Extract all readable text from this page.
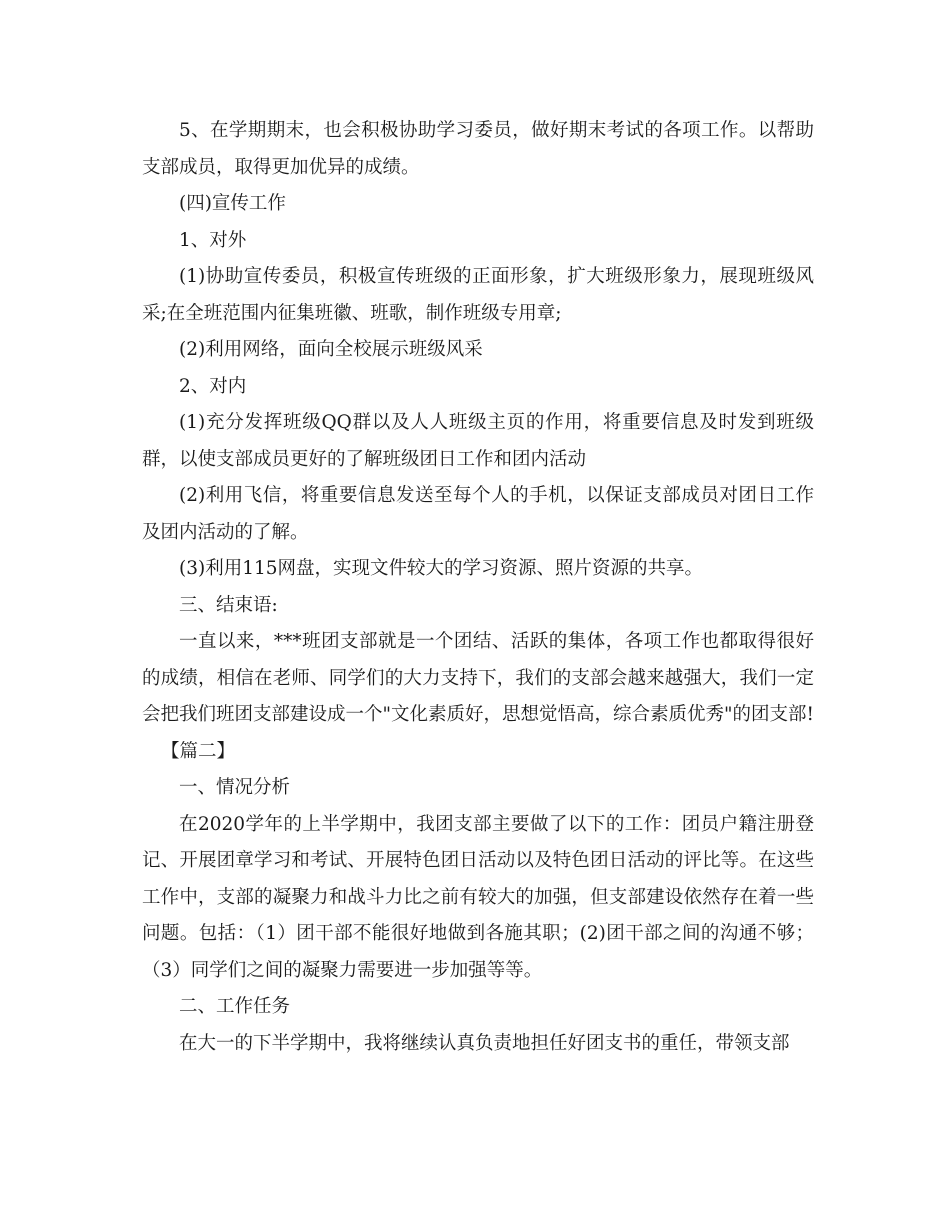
5、在学期期末，也会积极协助学习委员，做好期末考试的各项工作。以帮助支部成员，取得更加优异的成绩。

(四)宣传工作

1、对外

(1)协助宣传委员，积极宣传班级的正面形象，扩大班级形象力，展现班级风采;在全班范围内征集班徽、班歌，制作班级专用章;

(2)利用网络，面向全校展示班级风采

2、对内

(1)充分发挥班级QQ群以及人人班级主页的作用，将重要信息及时发到班级群，以使支部成员更好的了解班级团日工作和团内活动

(2)利用飞信，将重要信息发送至每个人的手机，以保证支部成员对团日工作及团内活动的了解。

(3)利用115网盘，实现文件较大的学习资源、照片资源的共享。

三、结束语:

一直以来，***班团支部就是一个团结、活跃的集体，各项工作也都取得很好的成绩，相信在老师、同学们的大力支持下，我们的支部会越来越强大，我们一定会把我们班团支部建设成一个"文化素质好，思想觉悟高，综合素质优秀"的团支部!

【篇二】

一、情况分析

在2020学年的上半学期中，我团支部主要做了以下的工作：团员户籍注册登记、开展团章学习和考试、开展特色团日活动以及特色团日活动的评比等。在这些工作中，支部的凝聚力和战斗力比之前有较大的加强，但支部建设依然存在着一些问题。包括：（1）团干部不能很好地做到各施其职；(2)团干部之间的沟通不够；（3）同学们之间的凝聚力需要进一步加强等等。

二、工作任务

在大一的下半学期中，我将继续认真负责地担任好团支书的重任，带领支部
